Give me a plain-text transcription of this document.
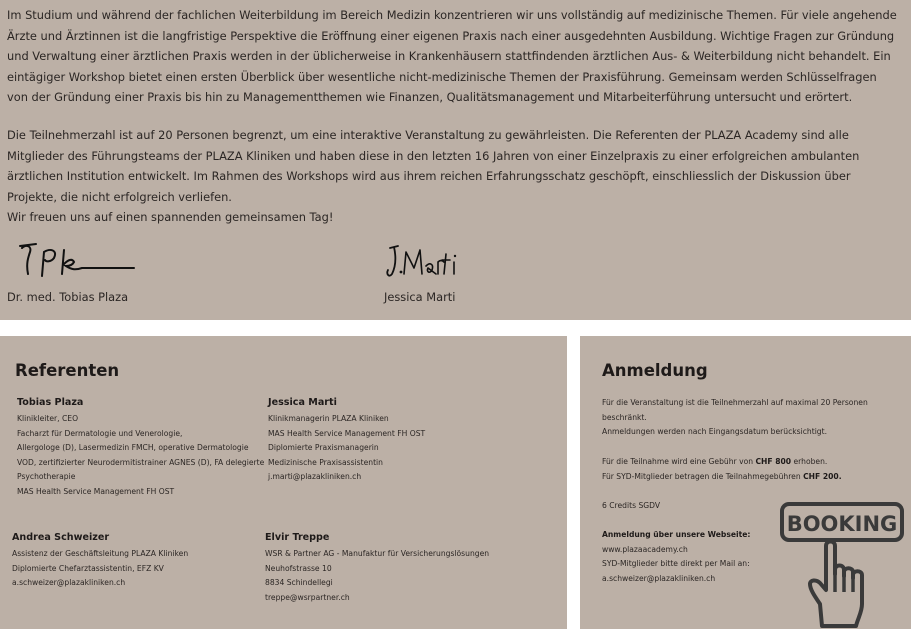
Im Studium und während der fachlichen Weiterbildung im Bereich Medizin konzentrieren wir uns vollständig auf medizinische Themen. Für viele angehende Ärzte und Ärztinnen ist die langfristige Perspektive die Eröffnung einer eigenen Praxis nach einer ausgedehnten Ausbildung. Wichtige Fragen zur Gründung und Verwaltung einer ärztlichen Praxis werden in der üblicherweise in Krankenhäusern stattfindenden ärztlichen Aus- & Weiterbildung nicht behandelt. Ein eintägiger Workshop bietet einen ersten Überblick über wesentliche nicht-medizinische Themen der Praxisführung. Gemeinsam werden Schlüsselfragen von der Gründung einer Praxis bis hin zu Managementthemen wie Finanzen, Qualitätsmanagement und Mitarbeiterführung untersucht und erörtert.

Die Teilnehmerzahl ist auf 20 Personen begrenzt, um eine interaktive Veranstaltung zu gewährleisten. Die Referenten der PLAZA Academy sind alle Mitglieder des Führungsteams der PLAZA Kliniken und haben diese in den letzten 16 Jahren von einer Einzelpraxis zu einer erfolgreichen ambulanten ärztlichen Institution entwickelt. Im Rahmen des Workshops wird aus ihrem reichen Erfahrungsschatz geschöpft, einschliesslich der Diskussion über Projekte, die nicht erfolgreich verliefen.

Wir freuen uns auf einen spannenden gemeinsamen Tag!

Dr. med. Tobias Plaza	Jessica Marti
Referenten
Tobias Plaza
Klinikleiter, CEO
Facharzt für Dermatologie und Venerologie,
Allergologe (D), Lasermedizin FMCH, operative Dermatologie
VOD, zertifizierter Neurodermitistrainer AGNES (D), FA delegierte
Psychotherapie
MAS Health Service Management FH OST
Jessica Marti
Klinikmanagerin PLAZA Kliniken
MAS Health Service Management FH OST
Diplomierte Praxismanagerin
Medizinische Praxisassistentin
j.marti@plazakliniken.ch
Andrea Schweizer
Assistenz der Geschäftsleitung PLAZA Kliniken
Diplomierte Chefarztassistentin, EFZ KV
a.schweizer@plazakliniken.ch
Elvir Treppe
WSR & Partner AG - Manufaktur für Versicherungslösungen
Neuhofstrasse 10
8834 Schindellegi
treppe@wsrpartner.ch
Anmeldung
Für die Veranstaltung ist die Teilnehmerzahl auf maximal 20 Personen
beschränkt.
Anmeldungen werden nach Eingangsdatum berücksichtigt.
Für die Teilnahme wird eine Gebühr von CHF 800 erhoben.
Für SYD-Mitglieder betragen die Teilnahmegebühren CHF 200.
6 Credits SGDV
Anmeldung über unsere Webseite:
www.plazaacademy.ch
SYD-Mitglieder bitte direkt per Mail an:
a.schweizer@plazakliniken.ch
BOOKING
